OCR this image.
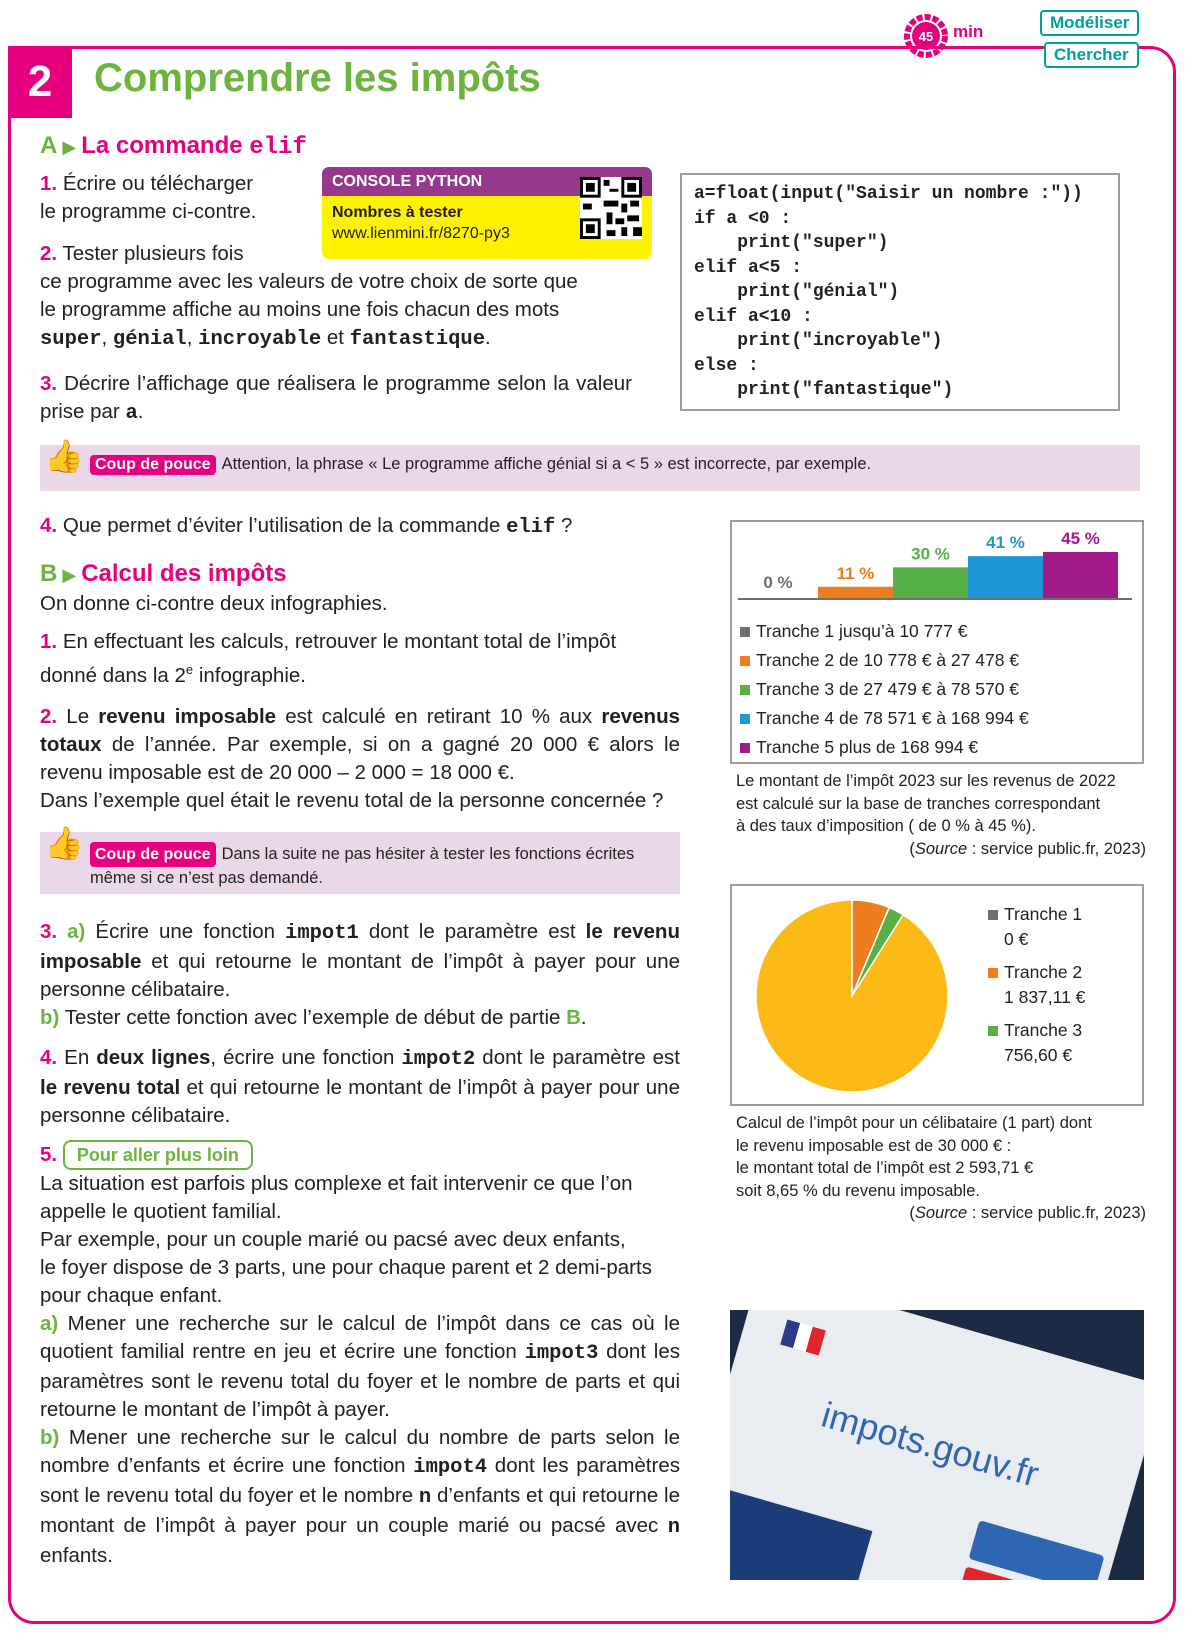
2	Comprendre les impôts
45 min	Modéliser
Chercher
A ▶ La commande elif
1. Écrire ou télécharger
le programme ci-contre.
CONSOLE PYTHON
Nombres à tester
www.lienmini.fr/8270-py3
a=float(input("Saisir un nombre :"))
if a <0 :
print("super")
elif a<5 :
print("génial")
elif a<10 :
print("incroyable")
else :
print("fantastique")
2. Tester plusieurs fois
ce programme avec les valeurs de votre choix de sorte que
le programme affiche au moins une fois chacun des mots
super, génial, incroyable et fantastique.
3. Décrire l’affichage que réalisera le programme selon la valeur prise par a.
👍 Coup de pouce Attention, la phrase « Le programme affiche génial si a < 5 » est incorrecte, par exemple.
4. Que permet d’éviter l’utilisation de la commande elif ?
B ▶ Calcul des impôts
On donne ci-contre deux infographies.
1. En effectuant les calculs, retrouver le montant total de l’impôt
donné dans la 2e infographie.
2. Le revenu imposable est calculé en retirant 10 % aux revenus totaux de l’année. Par exemple, si on a gagné 20 000 € alors le revenu imposable est de 20 000 – 2 000 = 18 000 €.
Dans l’exemple quel était le revenu total de la personne concernée ?
👍 Coup de pouce Dans la suite ne pas hésiter à tester les fonctions écrites
même si ce n’est pas demandé.
3. a) Écrire une fonction impot1 dont le paramètre est le revenu imposable et qui retourne le montant de l’impôt à payer pour une personne célibataire.
b) Tester cette fonction avec l’exemple de début de partie B.
4. En deux lignes, écrire une fonction impot2 dont le paramètre est le revenu total et qui retourne le montant de l’impôt à payer pour une personne célibataire.
5. Pour aller plus loin
La situation est parfois plus complexe et fait intervenir ce que l’on appelle le quotient familial.
Par exemple, pour un couple marié ou pacsé avec deux enfants,
le foyer dispose de 3 parts, une pour chaque parent et 2 demi-parts pour chaque enfant.
a) Mener une recherche sur le calcul de l’impôt dans ce cas où le quotient familial rentre en jeu et écrire une fonction impot3 dont les paramètres sont le revenu total du foyer et le nombre de parts et qui retourne le montant de l’impôt à payer.
b) Mener une recherche sur le calcul du nombre de parts selon le nombre d’enfants et écrire une fonction impot4 dont les paramètres sont le revenu total du foyer et le nombre n d’enfants et qui retourne le montant de l’impôt à payer pour un couple marié ou pacsé avec n enfants.
0 %	11 %
30 %
41 % 45 %
Tranche 1 jusqu’à 10 777 €
Tranche 2 de 10 778 € à 27 478 €
Tranche 3 de 27 479 € à 78 570 €
Tranche 4 de 78 571 € à 168 994 €
Tranche 5 plus de 168 994 €
Le montant de l’impôt 2023 sur les revenus de 2022
est calculé sur la base de tranches correspondant
à des taux d’imposition ( de 0 % à 45 %).
(Source : service public.fr, 2023)
Tranche 1
0 €
Tranche 2
1 837,11 €
Tranche 3
756,60 €
Calcul de l’impôt pour un célibataire (1 part) dont
le revenu imposable est de 30 000 € :
le montant total de l’impôt est 2 593,71 €
soit 8,65 % du revenu imposable.
(Source : service public.fr, 2023)
impots.gouv.fr
